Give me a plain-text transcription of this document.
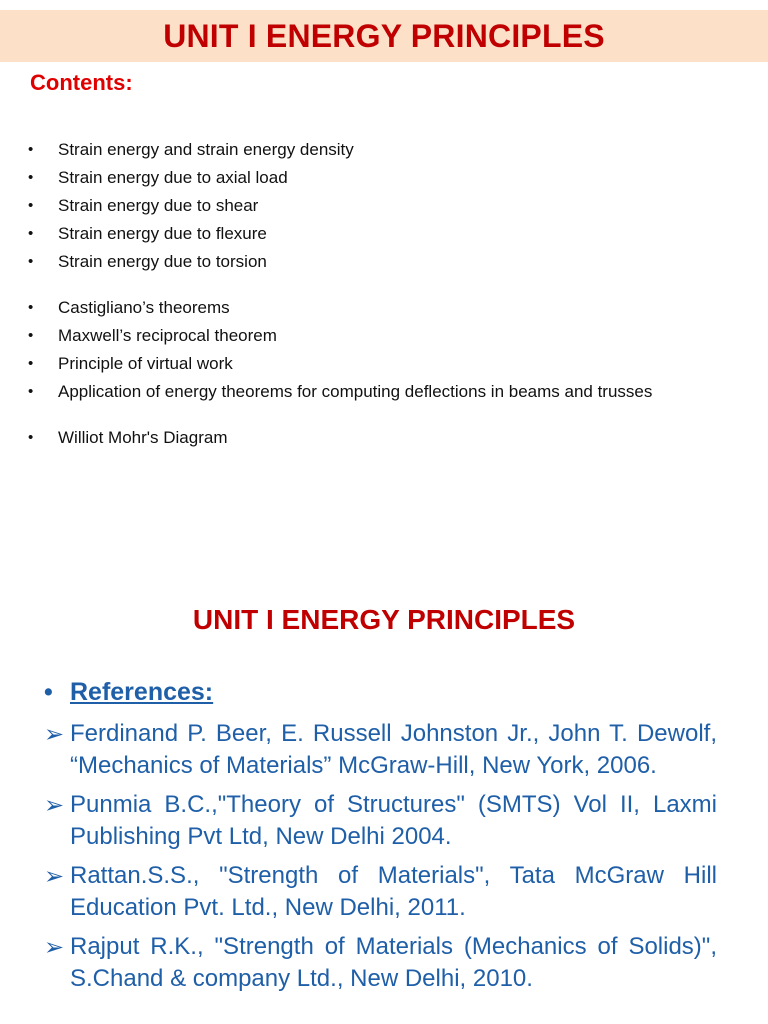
UNIT I ENERGY PRINCIPLES
Contents:
• Strain energy and strain energy density
• Strain energy due to axial load
• Strain energy due to shear
• Strain energy due to flexure
• Strain energy due to torsion
• Castigliano’s theorems
• Maxwell’s reciprocal theorem
• Principle of virtual work
• Application of energy theorems for computing deflections in beams and trusses
• Williot Mohr's Diagram
UNIT I ENERGY PRINCIPLES
• References:
➢ Ferdinand P. Beer, E. Russell Johnston Jr., John T. Dewolf, “Mechanics of Materials” McGraw-Hill, New York, 2006.
➢ Punmia B.C.,"Theory of Structures" (SMTS) Vol II, Laxmi Publishing Pvt Ltd, New Delhi 2004.
➢ Rattan.S.S., "Strength of Materials", Tata McGraw Hill Education Pvt. Ltd., New Delhi, 2011.
➢ Rajput R.K., "Strength of Materials (Mechanics of Solids)", S.Chand & company Ltd., New Delhi, 2010.
